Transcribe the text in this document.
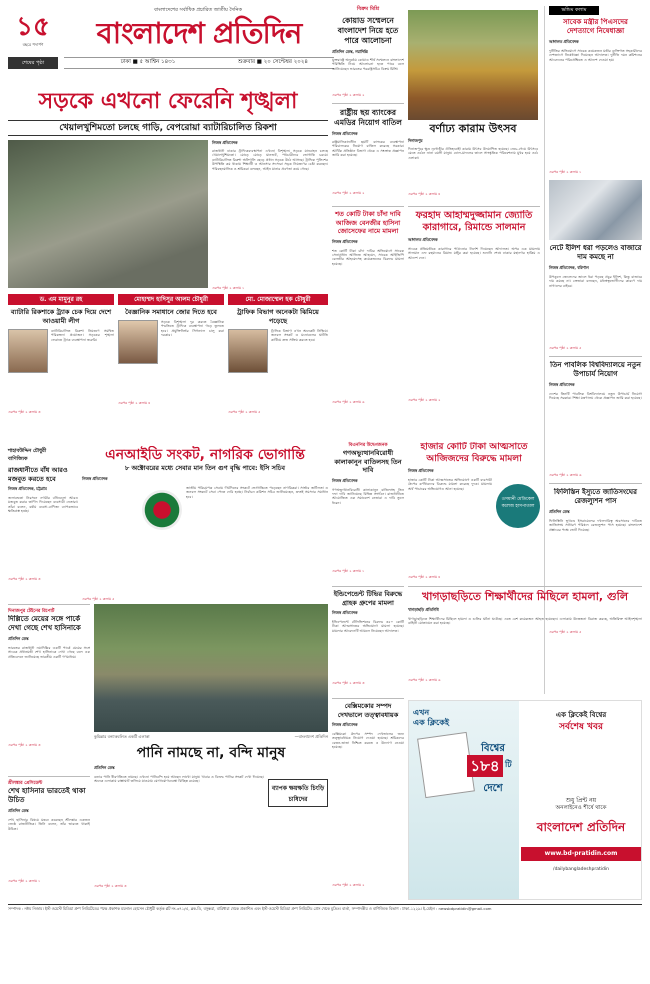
১৫
বছরে পদার্পণ
বাংলাদেশের সর্বাধিক প্রচারিত জাতীয় দৈনিক
বাংলাদেশ প্রতিদিন
শেষের পৃষ্ঠা	ঢাকা ■ ৫ আশ্বিন ১৪৩১	শুক্রবার ■ ২০ সেপ্টেম্বর ২০২৪
বিক্রম মিশ্রি
কোয়াড সম্মেলনে বাংলাদেশ নিয়ে হতে পারে আলোচনা
প্রতিদিন ডেস্ক, নয়াদিল্লি
যুক্তরাষ্ট্রে অনুষ্ঠেয় কোয়াড শীর্ষ সম্মেলনে বাংলাদেশ পরিস্থিতি নিয়ে আলোচনা হতে পারে বলে জানিয়েছেন ভারতের পররাষ্ট্রসচিব বিক্রম মিশ্রি।
এরপর পৃষ্ঠা ২ কলাম ২
রাষ্ট্রীয় ছয় ব্যাংকের এমডির নিয়োগ বাতিল
নিজস্ব প্রতিবেদক
রাষ্ট্রমালিকানাধীন ছয়টি ব্যাংকের ব্যবস্থাপনা পরিচালকের নিয়োগ বাতিল করেছে সরকার। আর্থিক প্রতিষ্ঠান বিভাগ থেকে এ সংক্রান্ত প্রজ্ঞাপন জারি করা হয়েছে।
এরপর পৃষ্ঠা ২ কলাম ২
বর্ণাঢ্য কারাম উৎসব
দিনাজপুর
দিনাজপুরে ক্ষুদ্র নৃগোষ্ঠীর ঐতিহ্যবাহী কারাম উৎসব উদযাপিত হয়েছে। নেচে-গেয়ে উৎসবে মেতে ওঠেন নানা বয়সী মানুষ। ঢোল-মাদলের তালে সাংস্কৃতিক পরিবেশনায় মুখর হয়ে ওঠে এলাকা।
এরপর পৃষ্ঠা ২ কলাম ৪
ভন্ডিম কলাম
সাবেক মন্ত্রীর পিএসদের দেশত্যাগে নিষেধাজ্ঞা
আদালত প্রতিবেদক
দুর্নীতির অভিযোগে সাবেক কয়েকজন মন্ত্রীর ব্যক্তিগত সহকারীদের দেশত্যাগে নিষেধাজ্ঞা দিয়েছেন আদালত। দুর্নীতি দমন কমিশনের আবেদনের পরিপ্রেক্ষিতে এ আদেশ দেওয়া হয়।
এরপর পৃষ্ঠা ২ কলাম ১
নেটে ইলিশ ধরা পড়লেও বাজারে দাম কমছে না
নিজস্ব প্রতিবেদক, বরিশাল
উপকূলে জেলেদের জালে ধরা পড়ছে প্রচুর ইলিশ, কিন্তু বাজারে দাম কমছে না। ক্রেতারা বলছেন, মধ্যস্বত্বভোগীদের কারণে দাম নাগালের বাইরে।
এরপর পৃষ্ঠা ২ কলাম ৫
তিন পাবলিক বিশ্ববিদ্যালয়ে নতুন উপাচার্য নিয়োগ
নিজস্ব প্রতিবেদক
দেশের তিনটি পাবলিক বিশ্ববিদ্যালয়ে নতুন উপাচার্য নিয়োগ দিয়েছে সরকার। শিক্ষা মন্ত্রণালয় থেকে প্রজ্ঞাপন জারি করা হয়েছে।
এরপর পৃষ্ঠা ২ কলাম ৬
ফিলিস্তিন ইস্যুতে জাতিসংঘের রেজল্যুশন পাস
প্রতিদিন ডেস্ক
ফিলিস্তিনি ভূখণ্ডে ইসরায়েলের দখলদারিত্ব অবসানের দাবিতে জাতিসংঘ সাধারণ পরিষদে রেজল্যুশন পাস হয়েছে। বাংলাদেশ প্রস্তাবের পক্ষে ভোট দিয়েছে।
এরপর পৃষ্ঠা ২ কলাম ৫
সড়কে এখনো ফেরেনি শৃঙ্খলা
খেয়ালখুশিমতো চলছে গাড়ি, বেপরোয়া ব্যাটারিচালিত রিকশা
নিজস্ব প্রতিবেদক
রাজধানী ঢাকার ট্রাফিকব্যবস্থাপনা এখনো বিশৃঙ্খল। সড়কে যানবাহন চলছে খেয়ালখুশিমতো। মোড়ে মোড়ে যানজট, পথচারীদের ভোগান্তি চরমে। ব্যাটারিচালিত রিকশা অলিগলি ছেড়ে প্রধান সড়কে উঠে আসছে। ট্রাফিক পুলিশের উপস্থিতি কম থাকায় শিক্ষার্থী ও আনসার সদস্যরা সড়ক নিয়ন্ত্রণের চেষ্টা করছেন। পরিবহনমালিক ও শ্রমিকরা বলছেন, আইন মানার প্রবণতা কমে গেছে।
এরপর পৃষ্ঠা ২ কলাম ১
ড. এম মামুনুর রহ
ব্যাটারি রিকশাকে ট্র্যাক চেক দিয়ে দেশে আওয়ামী লীগ
ব্যাটারিচালিত রিকশা নিয়ন্ত্রণে সমন্বিত পরিকল্পনা প্রয়োজন। সড়কের শৃঙ্খলা ফেরাতে ট্র্যাক ব্যবস্থাপনা জরুরি।
এরপর পৃষ্ঠা ২ কলাম ৩
মোহাম্মদ হাদিসুর আলম চৌধুরী
বৈজ্ঞানিক সমাধানে জোর দিতে হবে
সড়কে বিশৃঙ্খলা দূর করতে বৈজ্ঞানিক পদ্ধতিতে ট্রাফিক ব্যবস্থাপনা গড়ে তুলতে হবে। প্রযুক্তিনির্ভর সিগন্যাল চালু করা দরকার।
এরপর পৃষ্ঠা ২ কলাম ৪
মো. মোজাম্মেল হক চৌধুরী
ট্রাফিক বিভাগ অনেকটা ঝিমিয়ে পড়েছে
ট্রাফিক বিভাগ এখন অনেকটা নিষ্ক্রিয়। জনবল সংকট ও মনোবলের ঘাটতি কাটিয়ে দ্রুত সক্রিয় করতে হবে।
এরপর পৃষ্ঠা ২ কলাম ৫
শত কোটি টাকা চাঁদা দাবি আজিজ বেনজীর হাসিনা জোসেফের নামে মামলা
নিজস্ব প্রতিবেদক
শত কোটি টাকা চাঁদা দাবির অভিযোগে সাবেক সেনাপ্রধান আজিজ আহমেদ, সাবেক আইজিপি বেনজীর আহমেদসহ কয়েকজনের বিরুদ্ধে মামলা হয়েছে।
এরপর পৃষ্ঠা ২ কলাম ৬
ফরহাদ আহাম্মদুজ্জামান জ্যোতি কারাগারে, রিমান্ডে সালমান
আদালত প্রতিবেদক
সাবেক প্রতিমন্ত্রীকে কারাগারে পাঠানোর নির্দেশ দিয়েছেন আদালত। অপর এক মামলায় সালমান এফ রহমানের রিমান্ড মঞ্জুর করা হয়েছে। শুনানি শেষে ঢাকার মহানগর হাকিম এ আদেশ দেন।
এরপর পৃষ্ঠা ২ কলাম ২
শাহাবউদ্দিন চৌধুরী
বাণিজ্যিক
রাজধানীতে বাঁধ আরও মজবুত করতে হবে
নিজস্ব প্রতিবেদক, চট্টগ্রাম
জলাবদ্ধতা নিরসনে নগরীর বাঁধগুলো আরও মজবুত করার তাগিদ দিয়েছেন ব্যবসায়ী নেতারা। তাঁরা বলেন, বর্ষায় ব্যবসা-বাণিজ্য ব্যাপকভাবে ক্ষতিগ্রস্ত হচ্ছে।
এরপর পৃষ্ঠা ২ কলাম ৩
এনআইডি সংকট, নাগরিক ভোগান্তি
৮ অক্টোবরের মধ্যে সেবার মান তিন গুণ বৃদ্ধি পাবে: ইসি সচিব
নিজস্ব প্রতিবেদক
জাতীয় পরিচয়পত্র সেবায় দীর্ঘদিনের সংকটে ভোগান্তিতে পড়েছেন নাগরিকরা। সার্ভার জটিলতা ও জনবল সংকটে সেবা পেতে দেরি হচ্ছে। নির্বাচন কমিশন সচিব জানিয়েছেন, দ্রুতই সমস্যার সমাধান হবে।
এরপর পৃষ্ঠা ২ কলাম ৫
বিএনপির উদ্বেগজনক
গণঅভ্যুত্থানবিরোধী কালাকানুন বাতিলসহ তিন দাবি
নিজস্ব প্রতিবেদক
গণঅভ্যুত্থানবিরোধী কালাকানুন বাতিলসহ তিন দফা দাবি জানিয়েছে বিভিন্ন সংগঠন। রাজধানীতে আয়োজিত এক সমাবেশে নেতারা এ দাবি তুলে ধরেন।
এরপর পৃষ্ঠা ২ কলাম ১
হাজার কোটি টাকা আত্মসাতে আজিজদের বিরুদ্ধে মামলা
নিজস্ব প্রতিবেদক
ওসমানী মেডিকেল কলেজ হাসপাতাল
হাজার কোটি টাকা আত্মসাতের অভিযোগে একটি ব্যবসায়ী গ্রুপের কর্ণধারদের বিরুদ্ধে মামলা করেছে দুদক। মামলায় অর্থ পাচারের অভিযোগও আনা হয়েছে।
এরপর পৃষ্ঠা ২ কলাম ৪
দিনাজপুর টেইনের রিপোর্ট
দিল্লিতে মেয়ের সঙ্গে পার্কে দেখা গেছে শেখ হাসিনাকে
প্রতিদিন ডেস্ক
ভারতের রাজধানী নয়াদিল্লির একটি পার্কে মেয়ের সঙ্গে সাবেক প্রধানমন্ত্রী শেখ হাসিনাকে দেখা গেছে বলে এক প্রতিবেদনে জানিয়েছে ভারতীয় একটি গণমাধ্যম।
এরপর পৃষ্ঠা ২ কলাম ৩
কুমিল্লার বন্যাকবলিত একটি এলাকা	—বাংলাদেশ প্রতিদিন
শ্রীলঙ্কার প্রেসিডেন্ট
শেখ হাসিনার ভারতেই থাকা উচিত
প্রতিদিন ডেস্ক
শেখ হাসিনার বিষয়ে মন্তব্য করেছেন শ্রীলঙ্কার একজন জ্যেষ্ঠ রাজনীতিক। তিনি বলেন, তাঁর ভারতে থাকাই উচিত।
এরপর পৃষ্ঠা ২ কলাম ১
পানি নামছে না, বন্দি মানুষ
প্রতিদিন ডেস্ক
ব্যাপক ক্ষয়ক্ষতি চিংড়ি চাষিদের
বন্যার পানি ধীরগতিতে নামছে। এখনো পানিবন্দি হয়ে আছেন লাখো মানুষ। খাবার ও বিশুদ্ধ পানির সংকট দেখা দিয়েছে। অনেক এলাকায় রাস্তাঘাট তলিয়ে যাওয়ায় যোগাযোগব্যবস্থা বিচ্ছিন্ন রয়েছে।
এরপর পৃষ্ঠা ২ কলাম ৩
ইন্ডিপেন্ডেন্ট টিভির বিরুদ্ধে গ্রাহক গ্রুপের মামলা
নিজস্ব প্রতিবেদক
ইন্ডিপেন্ডেন্ট টেলিভিশনের বিরুদ্ধে ৩৫০ কোটি টাকা আত্মসাতের অভিযোগে মামলা হয়েছে। মামলার আবেদনটি আমলে নিয়েছেন আদালত।
এরপর পৃষ্ঠা ২ কলাম ৩
বেক্সিমকোর সম্পদ দেখভালে তত্ত্বাবধায়ক
নিজস্ব প্রতিবেদক
বেক্সিমকো গ্রুপের সম্পদ দেখভালের জন্য তত্ত্বাবধায়ক নিয়োগ দেওয়া হয়েছে। শ্রমিকদের বেতন-ভাতা নিশ্চিত করতে এ উদ্যোগ নেওয়া হয়েছে।
এরপর পৃষ্ঠা ২ কলাম ২
খাগড়াছড়িতে শিক্ষার্থীদের মিছিলে হামলা, গুলি
খাগড়াছড়ি প্রতিনিধি
খাগড়াছড়িতে শিক্ষার্থীদের মিছিলে হামলা ও গুলির ঘটনা ঘটেছে। এতে বেশ কয়েকজন আহত হয়েছেন। এলাকায় উত্তেজনা বিরাজ করছে, অতিরিক্ত আইনশৃঙ্খলা বাহিনী মোতায়েন করা হয়েছে।
এরপর পৃষ্ঠা ২ কলাম ৬
এখন
এক ক্লিকেই
বিশ্বের
১৮৪ টি
দেশে
এক ক্লিকেই বিশ্বের
সর্বশেষ খবর
শুধু প্রিন্ট নয়
অনলাইনেও শীর্ষে থাকে
বাংলাদেশ প্রতিদিন
www.bd-pratidin.com
/dailybangladeshpratidin
সম্পাদক : নঈম নিজাম। ইস্ট ওয়েস্ট মিডিয়া গ্রুপ লিমিটেডের পক্ষে প্রকাশক ময়নাল হোসেন চৌধুরী কর্তৃক প্লট নং-৩৭১/এ, ব্লক-ডি, বসুন্ধরা, বারিধারা থেকে প্রকাশিত এবং ইস্ট ওয়েস্ট মিডিয়া গ্রুপ লিমিটেড প্রেস থেকে মুদ্রিত। বার্তা, সম্পাদকীয় ও বাণিজ্যিক বিভাগ : ঢাকা-১২২৯। ই-মেইল : newsbdpratidin@gmail.com
